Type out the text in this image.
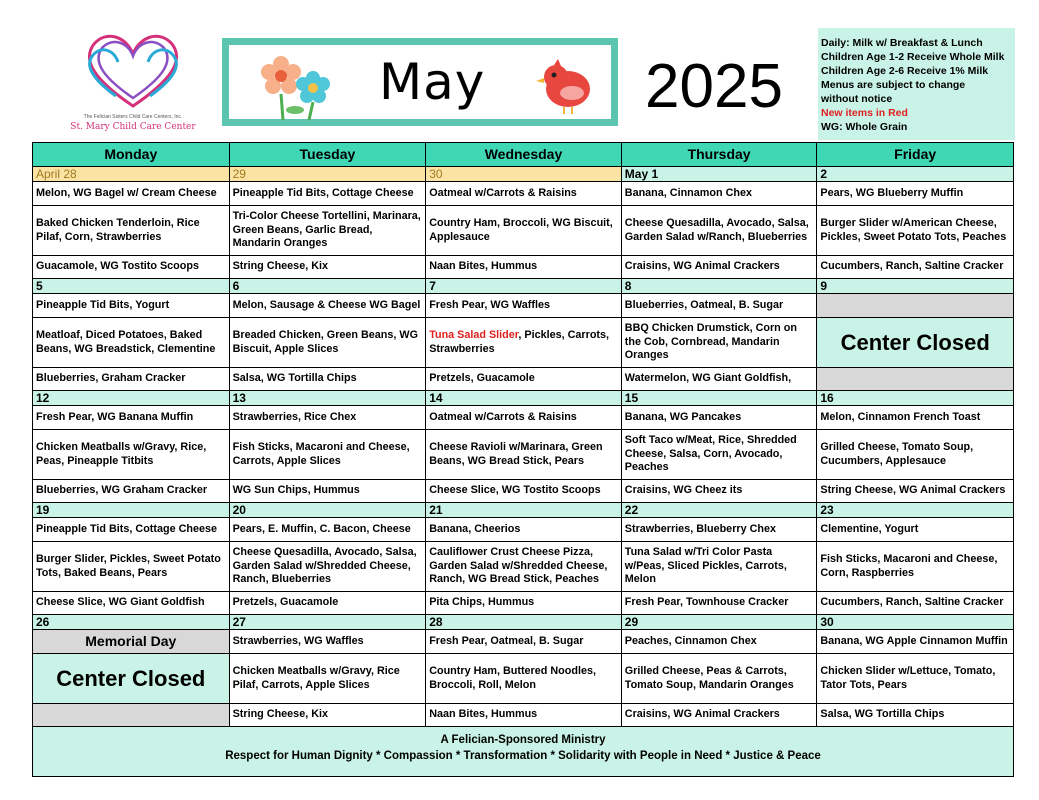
The Felician Sisters Child Care Centers, Inc.
St. Mary Child Care Center
May	2025
Daily: Milk w/ Breakfast & Lunch
Children Age 1-2 Receive Whole Milk
Children Age 2-6 Receive 1% Milk
Menus are subject to change
without notice
New items in Red
WG: Whole Grain
Monday	Tuesday	Wednesday	Thursday	Friday
April 28	29	30	May 1	2
Melon, WG Bagel w/ Cream Cheese	Pineapple Tid Bits, Cottage Cheese	Oatmeal w/Carrots & Raisins	Banana, Cinnamon Chex	Pears, WG Blueberry Muffin
Baked Chicken Tenderloin, Rice Pilaf, Corn, Strawberries	Tri-Color Cheese Tortellini, Marinara, Green Beans, Garlic Bread, Mandarin Oranges	Country Ham, Broccoli, WG Biscuit, Applesauce	Cheese Quesadilla, Avocado, Salsa, Garden Salad w/Ranch, Blueberries	Burger Slider w/American Cheese, Pickles, Sweet Potato Tots, Peaches
Guacamole, WG Tostito Scoops	String Cheese, Kix	Naan Bites, Hummus	Craisins, WG Animal Crackers	Cucumbers, Ranch, Saltine Cracker
5	6	7	8	9
Pineapple Tid Bits, Yogurt	Melon, Sausage & Cheese WG Bagel	Fresh Pear, WG Waffles	Blueberries, Oatmeal, B. Sugar	
Meatloaf, Diced Potatoes, Baked Beans, WG Breadstick, Clementine	Breaded Chicken, Green Beans, WG Biscuit, Apple Slices	Tuna Salad Slider, Pickles, Carrots, Strawberries	BBQ Chicken Drumstick, Corn on the Cob, Cornbread, Mandarin Oranges	Center Closed
Blueberries, Graham Cracker	Salsa, WG Tortilla Chips	Pretzels, Guacamole	Watermelon, WG Giant Goldfish,	
12	13	14	15	16
Fresh Pear, WG Banana Muffin	Strawberries, Rice Chex	Oatmeal w/Carrots & Raisins	Banana, WG Pancakes	Melon, Cinnamon French Toast
Chicken Meatballs w/Gravy, Rice, Peas, Pineapple Titbits	Fish Sticks, Macaroni and Cheese, Carrots, Apple Slices	Cheese Ravioli w/Marinara, Green Beans, WG Bread Stick, Pears	Soft Taco w/Meat, Rice, Shredded Cheese, Salsa, Corn, Avocado, Peaches	Grilled Cheese, Tomato Soup, Cucumbers, Applesauce
Blueberries, WG Graham Cracker	WG Sun Chips, Hummus	Cheese Slice, WG Tostito Scoops	Craisins, WG Cheez its	String Cheese, WG Animal Crackers
19	20	21	22	23
Pineapple Tid Bits, Cottage Cheese	Pears, E. Muffin, C. Bacon, Cheese	Banana, Cheerios	Strawberries, Blueberry Chex	Clementine, Yogurt
Burger Slider, Pickles, Sweet Potato Tots, Baked Beans, Pears	Cheese Quesadilla, Avocado, Salsa, Garden Salad w/Shredded Cheese, Ranch, Blueberries	Cauliflower Crust Cheese Pizza, Garden Salad w/Shredded Cheese, Ranch, WG Bread Stick, Peaches	Tuna Salad w/Tri Color Pasta w/Peas, Sliced Pickles, Carrots, Melon	Fish Sticks, Macaroni and Cheese, Corn, Raspberries
Cheese Slice, WG Giant Goldfish	Pretzels, Guacamole	Pita Chips, Hummus	Fresh Pear, Townhouse Cracker	Cucumbers, Ranch, Saltine Cracker
26	27	28	29	30
Memorial Day	Strawberries, WG Waffles	Fresh Pear, Oatmeal, B. Sugar	Peaches, Cinnamon Chex	Banana, WG Apple Cinnamon Muffin
Center Closed	Chicken Meatballs w/Gravy, Rice Pilaf, Carrots, Apple Slices	Country Ham, Buttered Noodles, Broccoli, Roll, Melon	Grilled Cheese, Peas & Carrots, Tomato Soup, Mandarin Oranges	Chicken Slider w/Lettuce, Tomato, Tator Tots, Pears
	String Cheese, Kix	Naan Bites, Hummus	Craisins, WG Animal Crackers	Salsa, WG Tortilla Chips
A Felician-Sponsored Ministry
Respect for Human Dignity * Compassion * Transformation * Solidarity with People in Need * Justice & Peace
